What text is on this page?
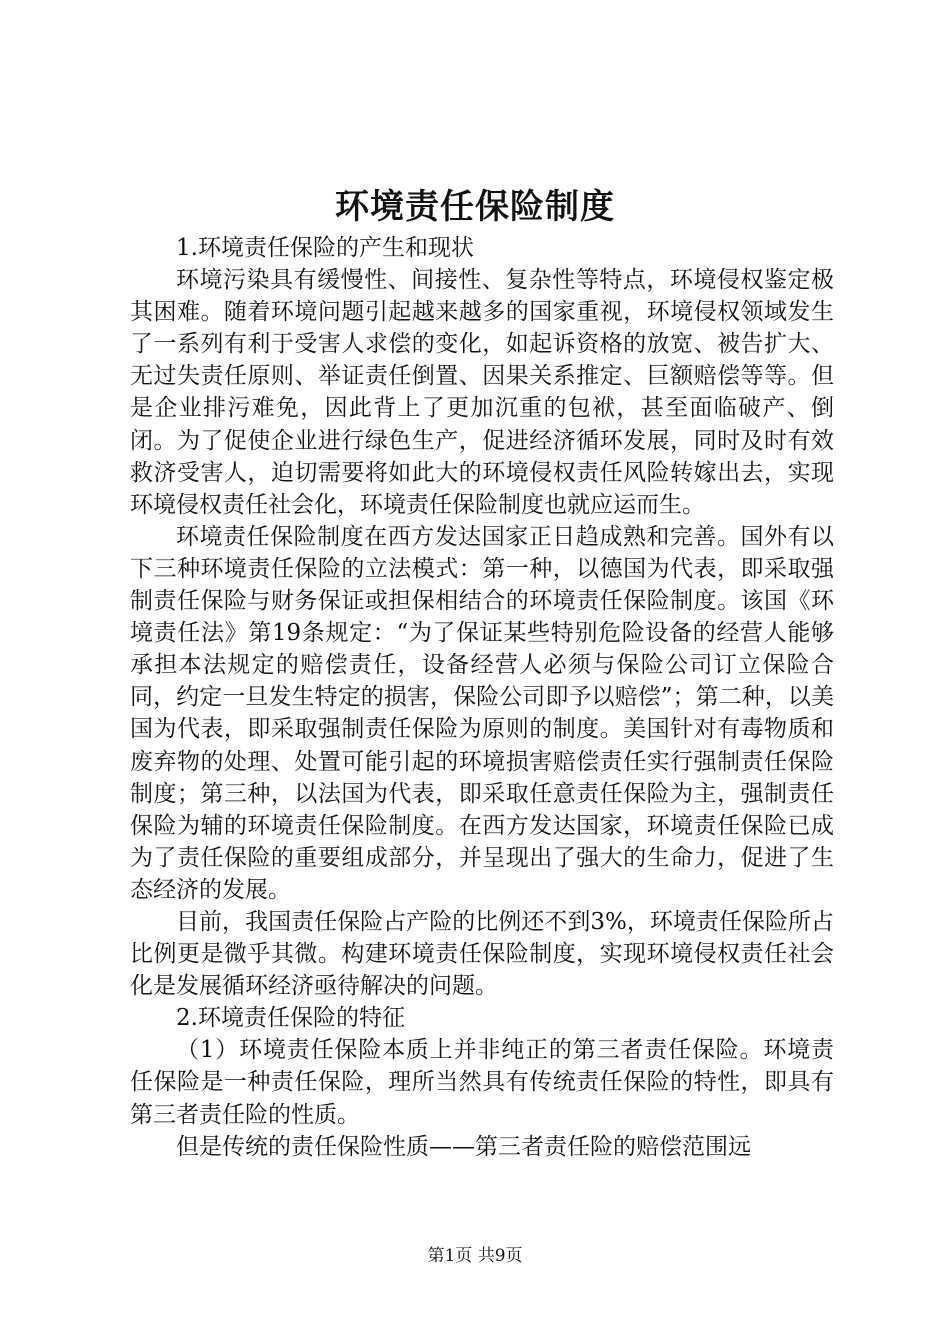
环境责任保险制度

1.环境责任保险的产生和现状

环境污染具有缓慢性、间接性、复杂性等特点，环境侵权鉴定极其困难。随着环境问题引起越来越多的国家重视，环境侵权领域发生了一系列有利于受害人求偿的变化，如起诉资格的放宽、被告扩大、无过失责任原则、举证责任倒置、因果关系推定、巨额赔偿等等。但是企业排污难免，因此背上了更加沉重的包袱，甚至面临破产、倒闭。为了促使企业进行绿色生产，促进经济循环发展，同时及时有效救济受害人，迫切需要将如此大的环境侵权责任风险转嫁出去，实现环境侵权责任社会化，环境责任保险制度也就应运而生。

环境责任保险制度在西方发达国家正日趋成熟和完善。国外有以下三种环境责任保险的立法模式：第一种，以德国为代表，即采取强制责任保险与财务保证或担保相结合的环境责任保险制度。该国《环境责任法》第19条规定：“为了保证某些特别危险设备的经营人能够承担本法规定的赔偿责任，设备经营人必须与保险公司订立保险合同，约定一旦发生特定的损害，保险公司即予以赔偿”；第二种，以美国为代表，即采取强制责任保险为原则的制度。美国针对有毒物质和废弃物的处理、处置可能引起的环境损害赔偿责任实行强制责任保险制度；第三种，以法国为代表，即采取任意责任保险为主，强制责任保险为辅的环境责任保险制度。在西方发达国家，环境责任保险已成为了责任保险的重要组成部分，并呈现出了强大的生命力，促进了生态经济的发展。

目前，我国责任保险占产险的比例还不到3%，环境责任保险所占比例更是微乎其微。构建环境责任保险制度，实现环境侵权责任社会化是发展循环经济亟待解决的问题。

2.环境责任保险的特征

（1）环境责任保险本质上并非纯正的第三者责任保险。环境责任保险是一种责任保险，理所当然具有传统责任保险的特性，即具有第三者责任险的性质。

但是传统的责任保险性质——第三者责任险的赔偿范围远

第1页 共9页
